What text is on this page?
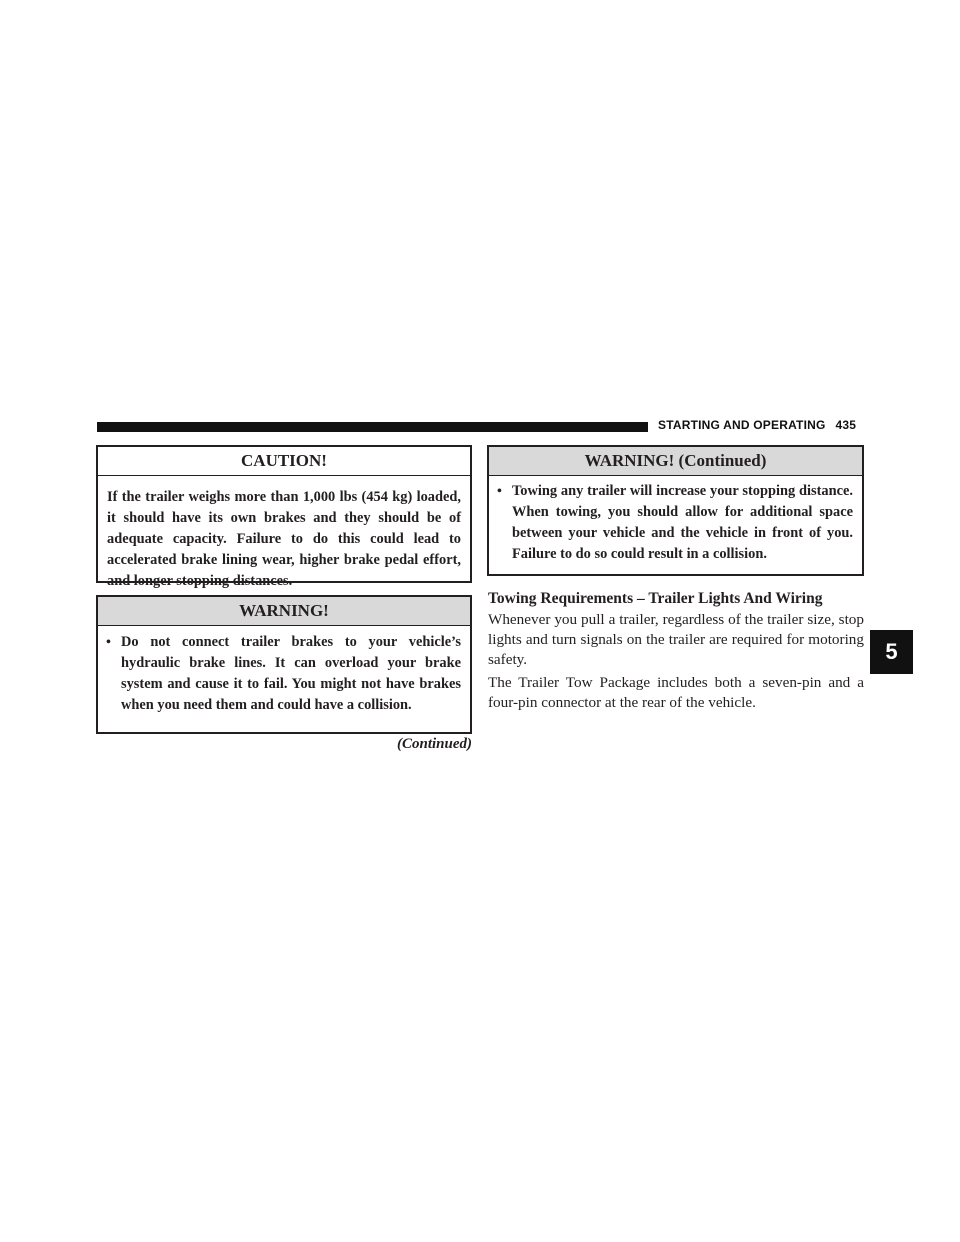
STARTING AND OPERATING 435
CAUTION!

If the trailer weighs more than 1,000 lbs (454 kg) loaded, it should have its own brakes and they should be of adequate capacity. Failure to do this could lead to accelerated brake lining wear, higher brake pedal effort, and longer stopping distances.

WARNING!
• Do not connect trailer brakes to your vehicle’s hydraulic brake lines. It can overload your brake system and cause it to fail. You might not have brakes when you need them and could have a collision.
(Continued)
WARNING! (Continued)
• Towing any trailer will increase your stopping distance. When towing, you should allow for additional space between your vehicle and the vehicle in front of you. Failure to do so could result in a collision.
Towing Requirements – Trailer Lights And Wiring

Whenever you pull a trailer, regardless of the trailer size, stop lights and turn signals on the trailer are required for motoring safety.

The Trailer Tow Package includes both a seven-pin and a four-pin connector at the rear of the vehicle.

5
